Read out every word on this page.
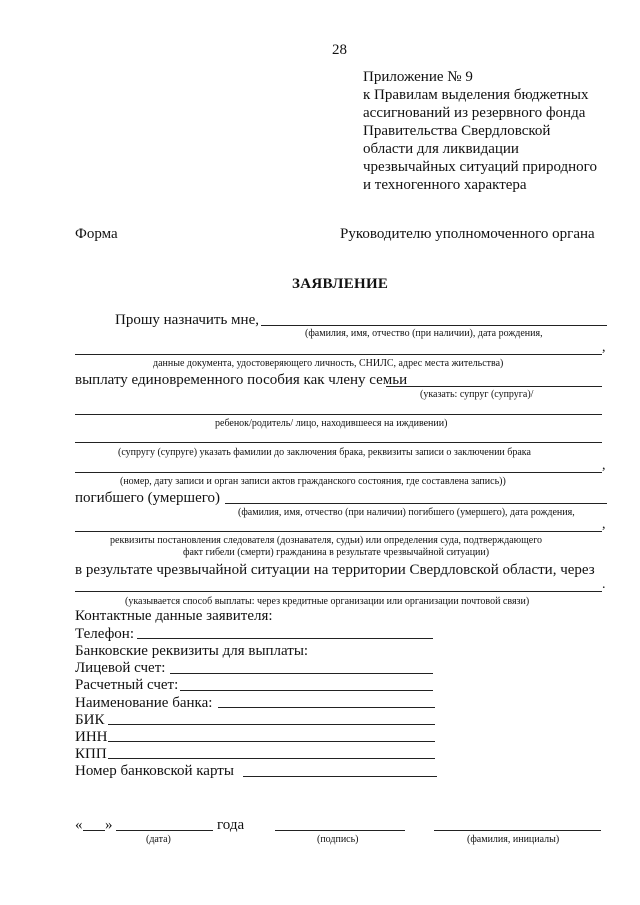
28
Приложение № 9
к Правилам выделения бюджетных
ассигнований из резервного фонда
Правительства Свердловской
области для ликвидации
чрезвычайных ситуаций природного
и техногенного характера
Форма	Руководителю уполномоченного органа
ЗАЯВЛЕНИЕ
Прошу назначить мне,
(фамилия, имя, отчество (при наличии), дата рождения,
,
данные документа, удостоверяющего личность, СНИЛС, адрес места жительства)
выплату единовременного пособия как члену семьи
(указать: супруг (супруга)/
ребенок/родитель/ лицо, находившееся на иждивении)
(супругу (супруге) указать фамилии до заключения брака, реквизиты записи о заключении брака
,
(номер, дату записи и орган записи актов гражданского состояния, где составлена запись))
погибшего (умершего)
(фамилия, имя, отчество (при наличии) погибшего (умершего), дата рождения,
,
реквизиты постановления следователя (дознавателя, судьи) или определения суда, подтверждающего
факт гибели (смерти) гражданина в результате чрезвычайной ситуации)
в результате чрезвычайной ситуации на территории Свердловской области, через
.
(указывается способ выплаты: через кредитные организации или организации почтовой связи)
Контактные данные заявителя:
Телефон:
Банковские реквизиты для выплаты:
Лицевой счет:
Расчетный счет:
Наименование банка:
БИК
ИНН
КПП
Номер банковской карты
« »	года
(дата)	(подпись)	(фамилия, инициалы)
